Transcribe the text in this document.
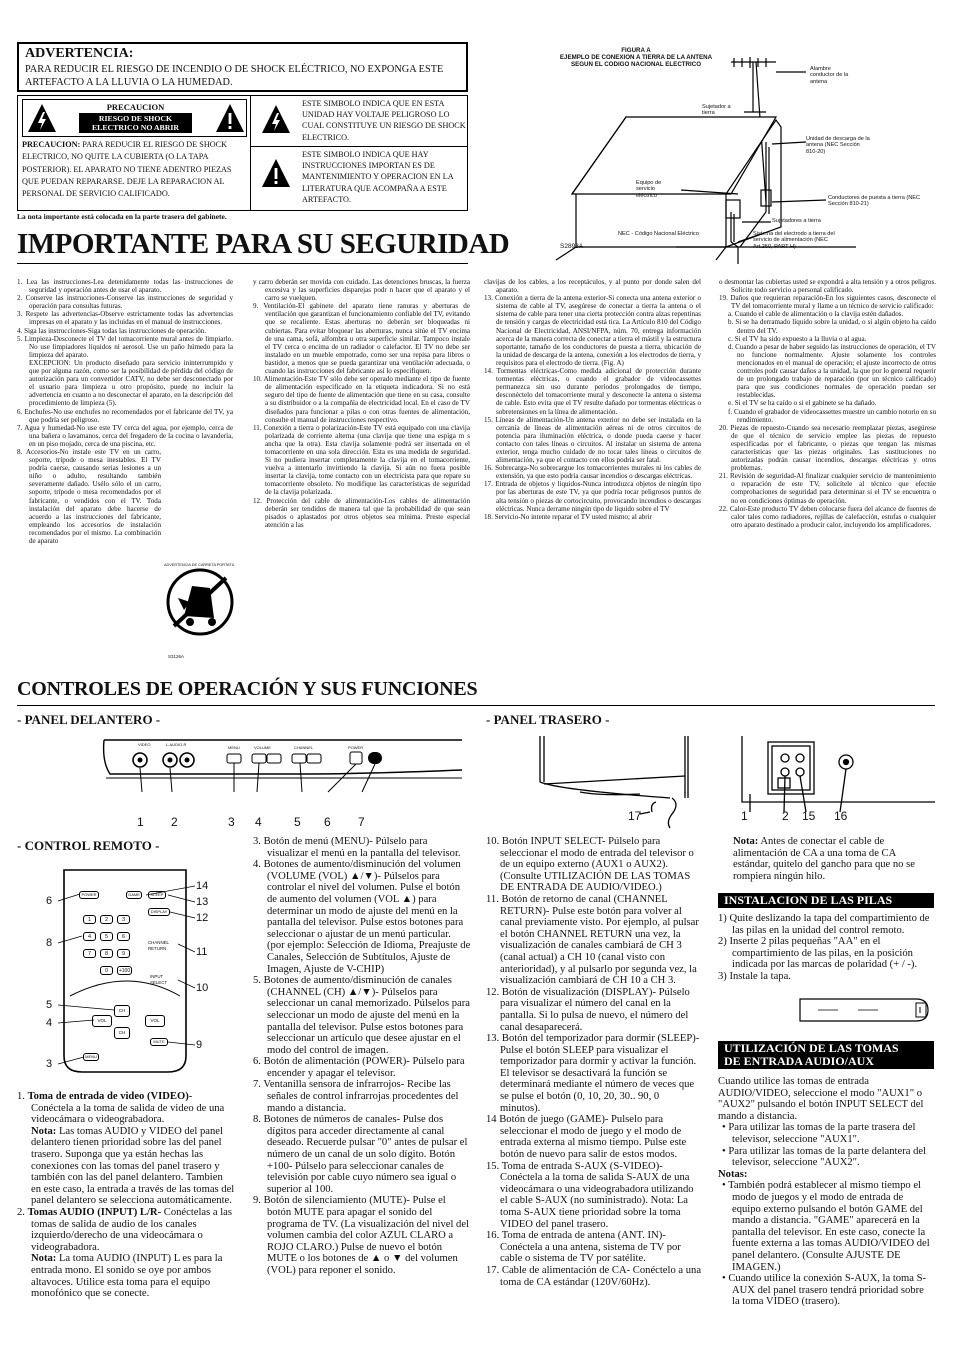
ADVERTENCIA:
PARA REDUCIR EL RIESGO DE INCENDIO O DE SHOCK ELÉCTRICO, NO EXPONGA ESTE ARTEFACTO A LA LLUVIA O LA HUMEDAD.
PRECAUCION
RIESGO DE SHOCK ELECTRICO NO ABRIR
PRECAUCION: PARA REDUCIR EL RIESGO DE SHOCK ELECTRICO, NO QUITE LA CUBIERTA (O LA TAPA POSTERIOR). EL APARATO NO TIENE ADENTRO PIEZAS QUE PUEDAN REPARARSE. DEJE LA REPARACION AL PERSONAL DE SERVICIO CALIFICADO.
ESTE SIMBOLO INDICA QUE EN ESTA UNIDAD HAY VOLTAJE PELIGROSO LO CUAL CONSTITUYE UN RIESGO DE SHOCK ELECTRICO.
ESTE SIMBOLO INDICA QUE HAY INSTRUCCIONES IMPORTAN ES DE MANTENIMIENTO Y OPERACION EN LA LITERATURA QUE ACOMPAÑA A ESTE ARTEFACTO.
La nota importante está colocada en la parte trasera del gabinete.
IMPORTANTE PARA SU SEGURIDAD
FIGURA A
EJEMPLO DE CONEXION A TIERRA DE LA ANTENA
SEGUN EL CODIGO NACIONAL ELECTRICO
Alambre conductor de la antena
Sujetador a tierra
Unidad de descarga de la antena (NEC Sección 810-20)
Equipo de servicio eléctrico	Conductores de puesta a tierra (NEC Sección 810-21)
Sujetadores a tierra
NEC - Código Nacional Eléctrico	Sistema del electrodo a tierra del servicio de alimentación (NEC Art.250, PART H)
S2898A

1. Lea las instrucciones-Lea detenidamente todas las instrucciones de seguridad y operación antes de usar el aparato.

2. Conserve las instrucciones-Conserve las instrucciones de seguridad y operación para consultas futuras.

3. Respete las advertencias-Observe estrictamente todas las advertencias impresas en el aparato y las incluidas en el manual de instrucciones.

4. Siga las instrucciones-Siga todas las instrucciones de operación.

5. Limpieza-Desconecte el TV del tomacorriente mural antes de limpiarlo. No use limpiadores líquidos ni aerosol. Use un paño húmedo para la limpieza del aparato.

EXCEPCION: Un producto diseñado para servicio ininterrumpido y que por alguna razón, como ser la posibilidad de pérdida del código de autorización para un convertidor CATV, no debe ser desconectado por el usuario para limpieza u otro propósito, puede no incluir la advertencia en cuanto a no desconectar el aparato, en la descripción del procedimiento de limpieza (5).

6. Enchufes-No use enchufes no recomendados por el fabricante del TV, ya que podría ser peligroso.

7. Agua y humedad-No use este TV cerca del agua, por ejemplo, cerca de una bañera o lavamanos, cerca del fregadero de la cocina o lavandería, en un piso mojado, cerca de una piscina, etc.

8. Accesorios-No instale este TV en un carro, soporte, trípode o mesa inestables. El TV podría caerse, causando serias lesiones a un niño o adulto, resultando también severamente dañado. Usélo sólo el un carro, soporte, trípode o mesa recomendados por el fabricante, o vendidos con el TV. Toda instalación del aparato debe hacerse de acuerdo a las instrucciones del fabricante, empleando los accesorios de instalación recomendados por el mismo. La combinación de aparato

ADVERTENCIA DE CARRETA PORTATIL
S3126A

y carro deberán ser movida con cuidado. Las detenciones bruscas, la fuerza excesiva y las superficies disparejas podr n hacer que el aparato y el carro se vuelquen.

9. Ventilación-El gabinete del aparato tiene ranuras y aberturas de ventilación que garantizan el funcionamiento confiable del TV, evitando que se recaliente. Estas aberturas no deberán ser bloqueadas ni cubiertas. Para evitar bloquear las aberturas, nunca sitúe el TV encima de una cama, sofá, alfombra u otra superficie similar. Tampoco instale el TV cerca o encima de un radiador o calefactor. El TV no debe ser instalado en un mueble empotrado, como ser una repisa para libros o bastidor, a menos que se pueda garantizar una ventilación adecuada, o cuando las instrucciones del fabricante así lo especifiquen.

10. Alimentación-Este TV sólo debe ser operado mediante el tipo de fuente de alimentación especificado en la etiqueta indicadora. Si no está seguro del tipo de fuente de alimentación que tiene en su casa, consulte a su distribuidor o a la compañía de electricidad local. En el caso de TV diseñados para funcionar a pilas o con otras fuentes de alimentación, consulte el manual de instrucciones respectivo.

11. Conexión a tierra o polarización-Este TV está equipado con una clavija polarizada de corriente alterna (una clavija que tiene una espiga m s ancha que la otra). Esta clavija solamente podrá ser insertada en el tomacorriente en una sola dirección. Esta es una medida de seguridad. Si no pudiera insertar completamente la clavija en el tomacorriente, vuelva a intentarlo invirtiendo la clavija. Si aún no fuera posible insertar la clavija, tome contacto con un electricista para que repare su tomacorriente obsoleto. No modifique las características de seguridad de la clavija polarizada.

12. Protección del cable de alimentación-Los cables de alimentación deberán ser tendidos de manera tal que la probabilidad de que sean pisados o aplastados por otros objetos sea mínima. Preste especial atención a las

clavijas de los cables, a los receptáculos, y al punto por donde salen del aparato.

13. Conexión a tierra de la antena exterior-Si conecta una antena exterior o sistema de cable al TV, asegúrese de conectar a tierra la antena o el sistema de cable para tener una cierta protección contra alzas repentinas de tensión y cargas de electricidad está tica. La Artículo 810 del Código Nacional de Electricidad, ANSI/NFPA, núm. 70, entrega información acerca de la manera correcta de conectar a tierra el mástil y la estructura soportante, tamaño de los conductores de puesta a tierra, ubicación de la unidad de descarga de la antena, conexión a los electrodos de tierra, y requisitos para el electrodo de tierra. (Fig. A)

14. Tormentas eléctricas-Como medida adicional de protección durante tormentas eléctricas, o cuando el grabador de videocassettes permanezca sin uso durante períodos prolongados de tiempo, desconéctelo del tomacorriente mural y desconecte la antena o sistema de cable. Esto evita que el TV resulte dañado por tormentas eléctricas o sobretensiones en la línea de alimentación.

15. Líneas de alimentación-Un antena exterior no debe ser instalada en la cercanía de líneas de alimentación aéreas ni de otros circuitos de potencia para iluminación eléctrica, o donde pueda caerse y hacer contacto con tales líneas o circuitos. Al instalar un sistema de antena exterior, tenga mucho cuidado de no tocar tales líneas o circuitos de alimentación, ya que el contacto con ellos podría ser fatal.

16. Sobrecarga-No sobrecargue los tomacorrientes murales ni los cables de extensión, ya que esto podría causar incendios o descargas eléctricas.

17. Entrada de objetos y líquidos-Nunca introduzca objetos de ningún tipo por las aberturas de este TV, ya que podría tocar peligrosos puntos de alta tensión o piezas de cortocircuito, provocando incendios o descargas eléctricas. Nunca derrame ningún tipo de líquido sobre el TV

18. Servicio-No intente reparar el TV usted mismo; al abrir

o desmontar las cubiertas usted se expondrá a alta tensión y a otros peligros. Solicite todo servicio a personal calificado.

19. Daños que requieran reparación-En los siguientes casos, desconecte el TV del tomacorriente mural y llame a un técnico de servicio calificado:

a. Cuando el cable de alimentación o la clavija estén dañados.

b. Si se ha derramado líquido sobre la unidad, o si algún objeto ha caído dentro del TV.

c. Si el TV ha sido expuesto a la lluvia o al agua.

d. Cuando a pesar de haber seguido las instrucciones de operación, el TV no funcione normalmente. Ajuste solamente los controles mencionados en el manual de operación; el ajuste incorrecto de otros controles podr causar daños a la unidad, la que por lo general requerir de un prolongado trabajo de reparación (por un técnico calificado) para que sus condiciones normales de operación puedan ser restablecidas.

e. Si el TV se ha caído o si el gabinete se ha dañado.

f. Cuando el grabador de videocassettes muestre un cambio notorio en su rendimiento.

20. Piezas de repuesto-Cuando sea necesario reemplazar piezas, asegúrese de que el técnico de servicio emplee las piezas de repuesto especificadas por el fabricante, o piezas que tengan las mismas características que las piezas originales. Las sustituciones no autorizadas podrán causar incendios, descargas eléctricas y otros problemas.

21. Revisión de seguridad-Al finalizar cualquier servicio de mantenimiento o reparación de este TV, solicítele al técnico que efectúe comprobaciones de seguridad para determinar si el TV se encuentra o no en condiciones óptimas de operación.

22. Calor-Este producto TV deben colocarse fuera del alcance de fuentes de calor tales como radiadores, rejillas de calefacción, estufas o cualquier otro aparato destinado a producir calor, incluyendo los amplificadores.

CONTROLES DE OPERACIÓN Y SUS FUNCIONES
- PANEL DELANTERO -	- PANEL TRASERO -
VIDEO	L-AUDIO-R
MENU	VOLUME	CHANNEL	POWER
1 2	3 4	5 6 7	17
━━
1	2 15 16
- CONTROL REMOTO -
POWER	GAME	SLEEP
DISPLAY
1	2	3
4	5	6
7	8	9
0	+100
CHANNEL RETURN
INPUT SELECT
CH
CH
VOL	VOL
MUTE
MENU
14
6	13
12
8
11
10
5
4
9
3

1. Toma de entrada de video (VIDEO)- Conéctela a la toma de salida de video de una videocámara o videograbadora.

Nota: Las tomas AUDIO y VIDEO del panel delantero tienen prioridad sobre las del panel trasero. Suponga que ya están hechas las conexiones con las tomas del panel trasero y también con las del panel delantero. Tambien en este caso, la entrada a través de las tomas del panel delantero se selecciona automáticamente.

2. Tomas AUDIO (INPUT) L/R- Conéctelas a las tomas de salida de audio de los canales izquierdo/derecho de una videocámara o videograbadora.

Nota: La toma AUDIO (INPUT) L es para la entrada mono. El sonido se oye por ambos altavoces. Utilice esta toma para el equipo monofónico que se conecte.

3. Botón de menú (MENU)- Púlselo para visualizar el menú en la pantalla del televisor.

4. Botones de aumento/disminución del volumen (VOLUME (VOL) ▲/▼)- Púlselos para controlar el nivel del volumen. Pulse el botón de aumento del volumen (VOL ▲) para determinar un modo de ajuste del menú en la pantalla del televisor. Pulse estos botones para seleccionar o ajustar de un menú particular. (por ejemplo: Selección de Idioma, Preajuste de Canales, Selección de Subtítulos, Ajuste de Imagen, Ajuste de V-CHIP)

5. Botones de aumento/disminución de canales (CHANNEL (CH) ▲/▼)- Púlselos para seleccionar un canal memorizado. Púlselos para seleccionar un modo de ajuste del menú en la pantalla del televisor. Pulse estos botones para seleccionar un artículo que desee ajustar en el modo del control de imagen.

6. Botón de alimentación (POWER)- Púlselo para encender y apagar el televisor.

7. Ventanilla sensora de infrarrojos- Recibe las señales de control infrarrojas procedentes del mando a distancia.

8. Botones de números de canales- Pulse dos dígitos para acceder directamente al canal deseado. Recuerde pulsar "0" antes de pulsar el número de un canal de un solo dígito. Botón +100- Púlselo para seleccionar canales de televisión por cable cuyo número sea igual o superior al 100.

9. Botón de silenciamiento (MUTE)- Pulse el botón MUTE para apagar el sonido del programa de TV. (La visualización del nivel del volumen cambia del color AZUL CLARO a ROJO CLARO.) Pulse de nuevo el botón MUTE o los botones de ▲ o ▼ del volumen (VOL) para reponer el sonido.

10. Botón INPUT SELECT- Púlselo para seleccionar el modo de entrada del televisor o de un equipo externo (AUX1 o AUX2). (Consulte UTILIZACIÓN DE LAS TOMAS DE ENTRADA DE AUDIO/VIDEO.)

11. Botón de retorno de canal (CHANNEL RETURN)- Pulse este botón para volver al canal previamente visto. Por ejemplo, al pulsar el botón CHANNEL RETURN una vez, la visualización de canales cambiará de CH 3 (canal actual) a CH 10 (canal visto con anterioridad), y al pulsarlo por segunda vez, la visualización cambiará de CH 10 a CH 3.

12. Botón de visualización (DISPLAY)- Púlselo para visualizar el número del canal en la pantalla. Si lo pulsa de nuevo, el número del canal desaparecerá.

13. Botón del temporizador para dormir (SLEEP)- Pulse el botón SLEEP para visualizar el temporizador para dormir y activar la función. El televisor se desactivará la función se determinará mediante el número de veces que se pulse el botón (0, 10, 20, 30.. 90, 0 minutos).

14 Botón de juego (GAME)- Pulselo para seleccionar el modo de juego y el modo de entrada externa al mismo tiempo. Pulse este botón de nuevo para salir de estos modos.

15. Toma de entrada S-AUX (S-VIDEO)- Conéctela a la toma de salida S-AUX de una videocámara o una videograbadora utilizando el cable S-AUX (no suministrado). Nota: La toma S-AUX tiene prioridad sobre la toma VIDEO del panel trasero.

16. Toma de entrada de antena (ANT. IN)- Conéctela a una antena, sistema de TV por cable o sistema de TV por satélite.

17. Cable de alimentación de CA- Conéctelo a una toma de CA estándar (120V/60Hz).

Nota: Antes de conectar el cable de alimentación de CA a una toma de CA estándar, quitelo del gancho para que no se rompiera ningún hilo.
INSTALACION DE LAS PILAS

1) Quite deslizando la tapa del compartimiento de las pilas en la unidad del control remoto.

2) Inserte 2 pilas pequeñas "AA" en el compartimiento de las pilas, en la posición indicada por las marcas de polaridad (+ / -).

3) Instale la tapa.

UTILIZACIÓN DE LAS TOMAS
DE ENTRADA AUDIO/AUX
Cuando utilice las tomas de entrada AUDIO/VIDEO, seleccione el modo "AUX1" o "AUX2" pulsando el botón INPUT SELECT del mando a distancia.
• Para utilizar las tomas de la parte trasera del televisor, seleccione "AUX1".
• Para utilizar las tomas de la parte delantera del televisor, seleccione "AUX2".
Notas:
• También podrá establecer al mismo tiempo el modo de juegos y el modo de entrada de equipo externo pulsando el botón GAME del mando a distancia. "GAME" aparecerá en la pantalla del televisor. En este caso, conecte la fuente externa a las tomas AUDIO/VIDEO del panel delantero. (Consulte AJUSTE DE IMAGEN.)
• Cuando utilice la conexión S-AUX, la toma S-AUX del panel trasero tendrá prioridad sobre la toma VIDEO (trasero).
